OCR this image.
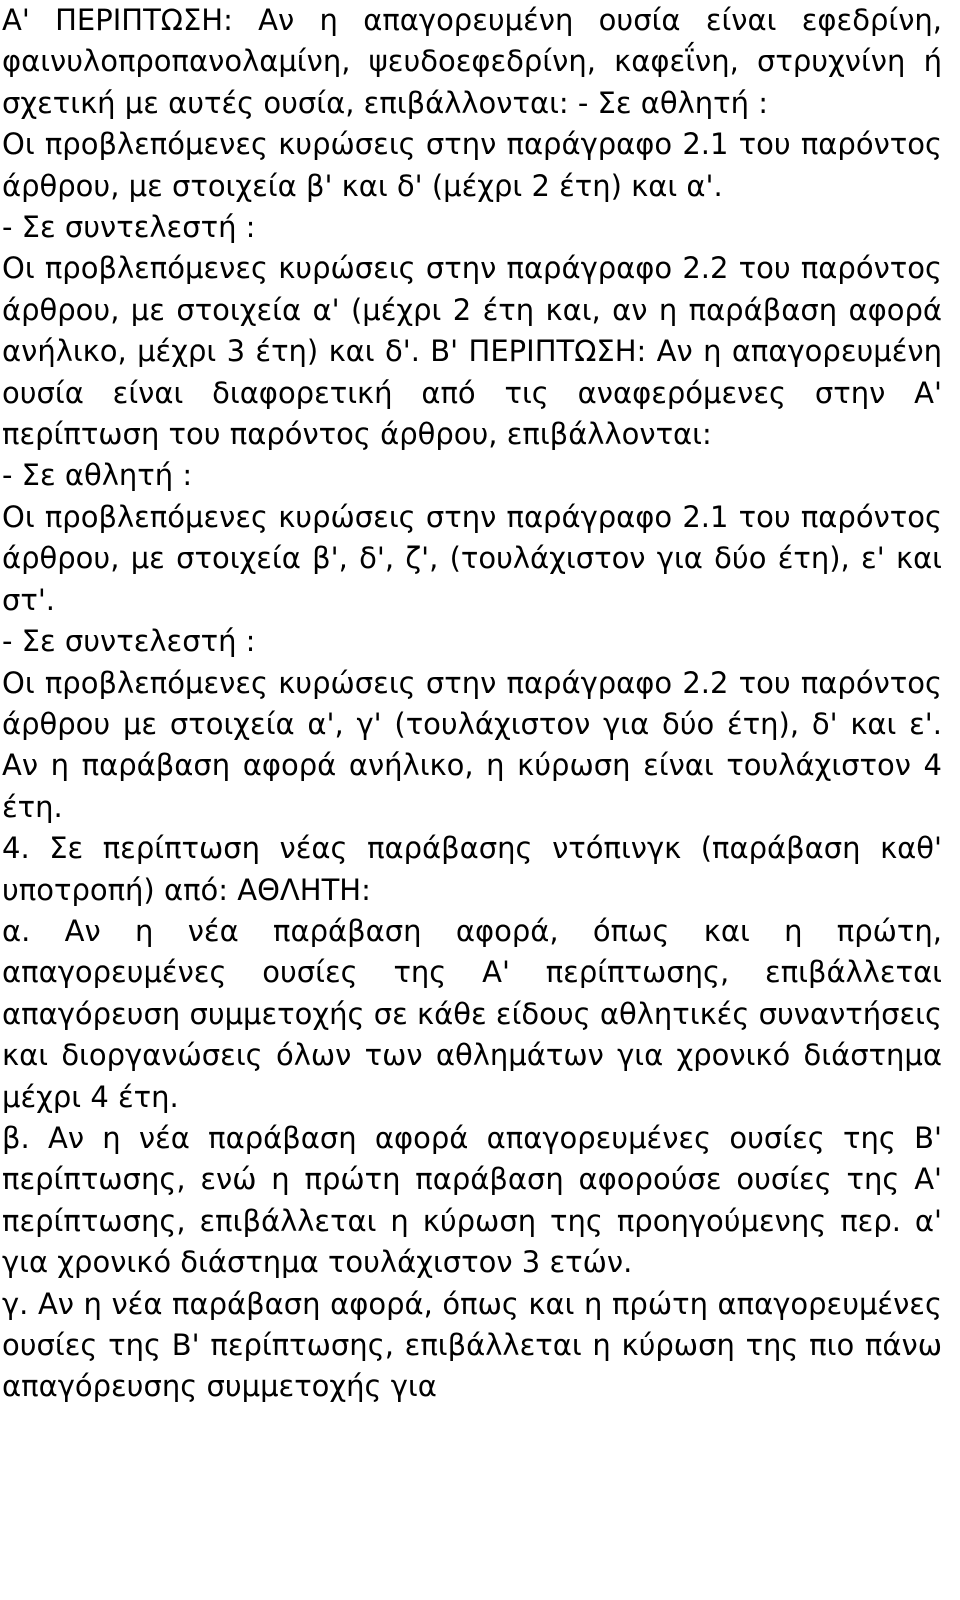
Α' ΠΕΡΙΠΤΩΣΗ: Αν η απαγορευμένη ουσία είναι εφεδρίνη, φαινυλοπροπανολαμίνη, ψευδοεφεδρίνη, καφεΐνη, στρυχνίνη ή σχετική με αυτές ουσία, επιβάλλονται: - Σε αθλητή :

Οι προβλεπόμενες κυρώσεις στην παράγραφο 2.1 του παρόντος άρθρου, με στοιχεία β' και δ' (μέχρι 2 έτη) και α'.

- Σε συντελεστή :

Οι προβλεπόμενες κυρώσεις στην παράγραφο 2.2 του παρόντος άρθρου, με στοιχεία α' (μέχρι 2 έτη και, αν η παράβαση αφορά ανήλικο, μέχρι 3 έτη) και δ'. Β' ΠΕΡΙΠΤΩΣΗ: Αν η απαγορευμένη ουσία είναι διαφορετική από τις αναφερόμενες στην Α' περίπτωση του παρόντος άρθρου, επιβάλλονται:

- Σε αθλητή :

Οι προβλεπόμενες κυρώσεις στην παράγραφο 2.1 του παρόντος άρθρου, με στοιχεία β', δ', ζ', (τουλάχιστον για δύο έτη), ε' και στ'.

- Σε συντελεστή :

Οι προβλεπόμενες κυρώσεις στην παράγραφο 2.2 του παρόντος άρθρου με στοιχεία α', γ' (τουλάχιστον για δύο έτη), δ' και ε'. Αν η παράβαση αφορά ανήλικο, η κύρωση είναι τουλάχιστον 4 έτη.

4. Σε περίπτωση νέας παράβασης ντόπινγκ (παράβαση καθ' υποτροπή) από: ΑΘΛΗΤΗ:

α. Αν η νέα παράβαση αφορά, όπως και η πρώτη, απαγορευμένες ουσίες της Α' περίπτωσης, επιβάλλεται απαγόρευση συμμετοχής σε κάθε είδους αθλητικές συναντήσεις και διοργανώσεις όλων των αθλημάτων για χρονικό διάστημα μέχρι 4 έτη.

β. Αν η νέα παράβαση αφορά απαγορευμένες ουσίες της Β' περίπτωσης, ενώ η πρώτη παράβαση αφορούσε ουσίες της Α' περίπτωσης, επιβάλλεται η κύρωση της προηγούμενης περ. α' για χρονικό διάστημα τουλάχιστον 3 ετών.

γ. Αν η νέα παράβαση αφορά, όπως και η πρώτη απαγορευμένες ουσίες της Β' περίπτωσης, επιβάλλεται η κύρωση της πιο πάνω απαγόρευσης συμμετοχής για
